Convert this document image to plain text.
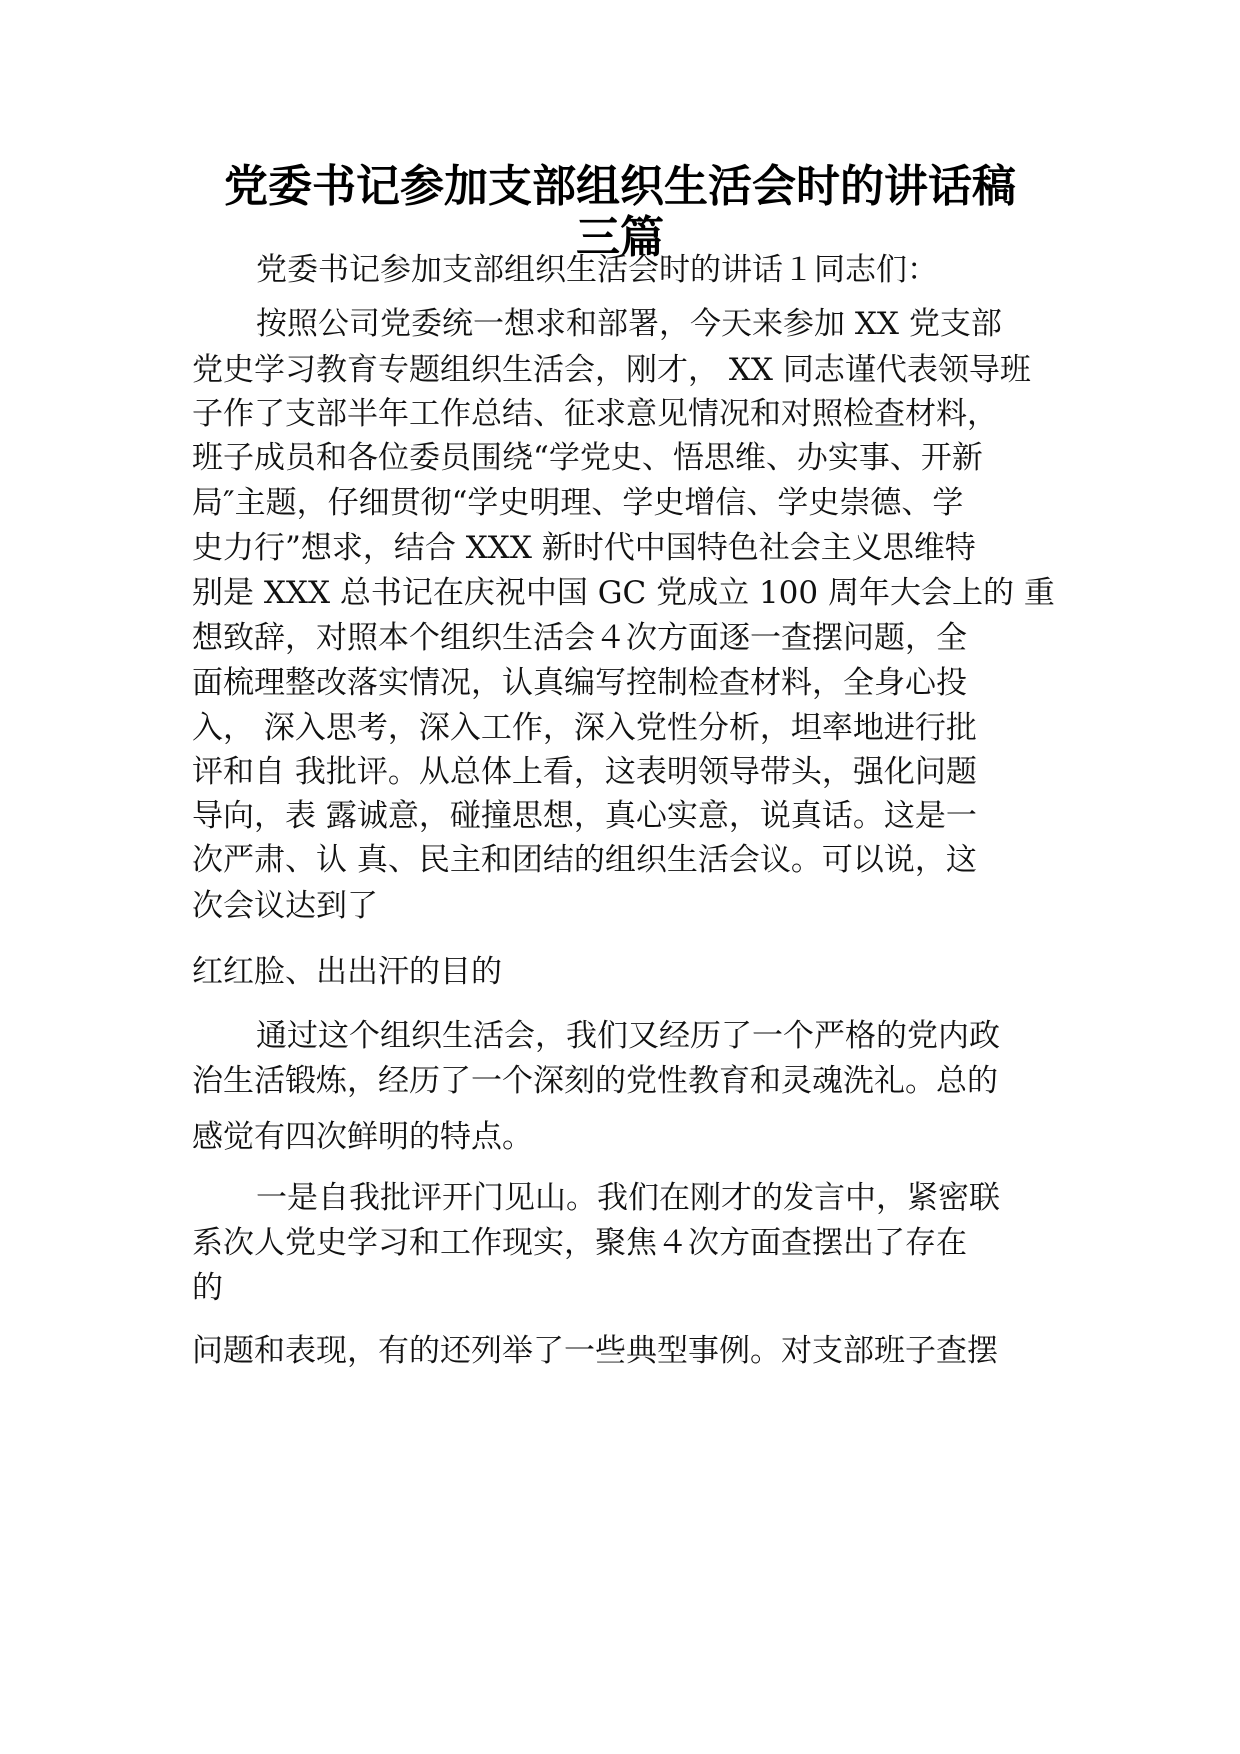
党委书记参加支部组织生活会时的讲话稿
三篇

党委书记参加支部组织生活会时的讲话１同志们：

按照公司党委统一想求和部署，今天来参加 XX 党支部

党史学习教育专题组织生活会，刚才， XX 同志谨代表领导班

子作了支部半年工作总结、征求意见情况和对照检查材料，

班子成员和各位委员围绕“学党史、悟思维、办实事、开新

局″主题，仔细贯彻“学史明理、学史增信、学史崇德、学

史力行”想求，结合 XXX 新时代中国特色社会主义思维特

别是 XXX 总书记在庆祝中国 GC 党成立 100 周年大会上的 重

想致辞，对照本个组织生活会４次方面逐一查摆问题，全

面梳理整改落实情况，认真编写控制检查材料，全身心投

入， 深入思考，深入工作，深入党性分析，坦率地进行批

评和自 我批评。从总体上看，这表明领导带头，强化问题

导向，表 露诚意，碰撞思想，真心实意，说真话。这是一

次严肃、认 真、民主和团结的组织生活会议。可以说，这

次会议达到了

红红脸、出出汗的目的

通过这个组织生活会，我们又经历了一个严格的党内政

治生活锻炼，经历了一个深刻的党性教育和灵魂洗礼。总的

感觉有四次鲜明的特点。

一是自我批评开门见山。我们在刚才的发言中，紧密联

系次人党史学习和工作现实，聚焦４次方面查摆出了存在

的

问题和表现，有的还列举了一些典型事例。对支部班子查摆
